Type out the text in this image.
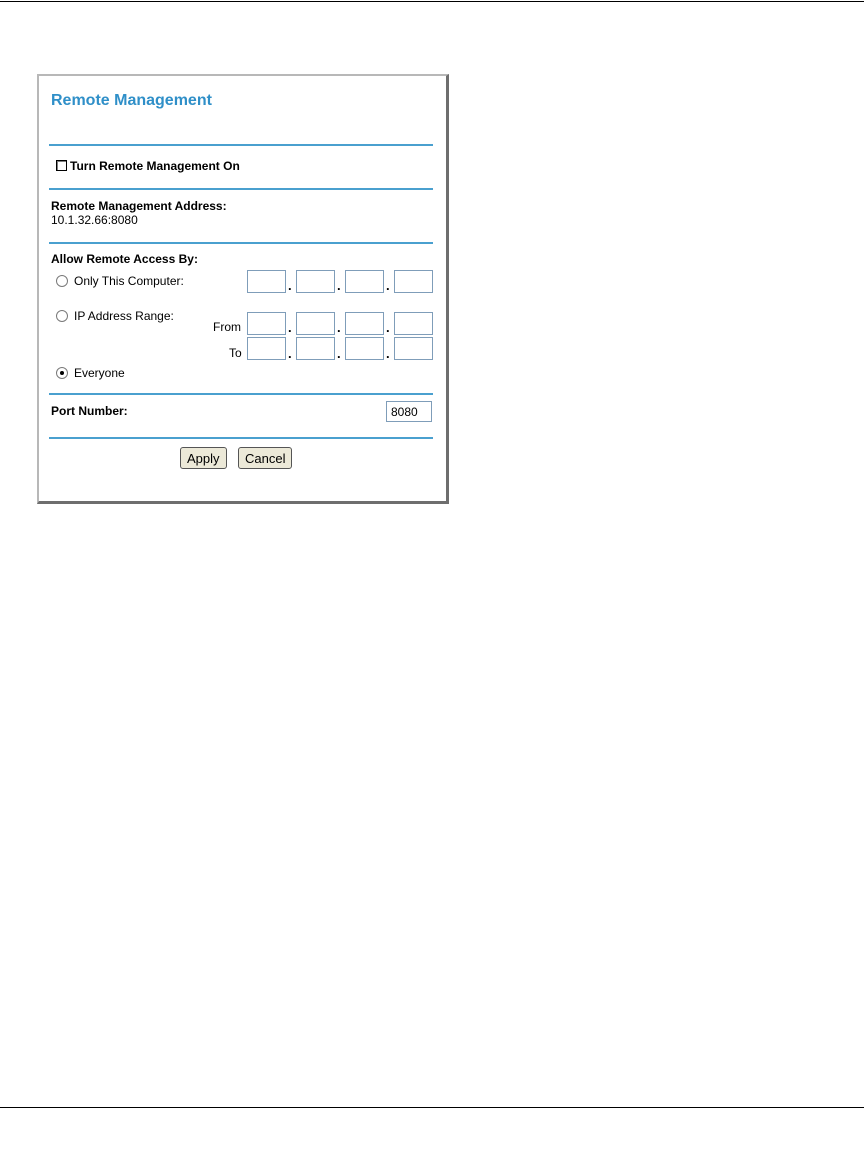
Remote Management
Turn Remote Management On
Remote Management Address:
10.1.32.66:8080
Allow Remote Access By:
Only This Computer:	.	.	.
IP Address Range:
From	.	.	.
To	.	.	.
Everyone
Port Number:
8080
Apply	Cancel
